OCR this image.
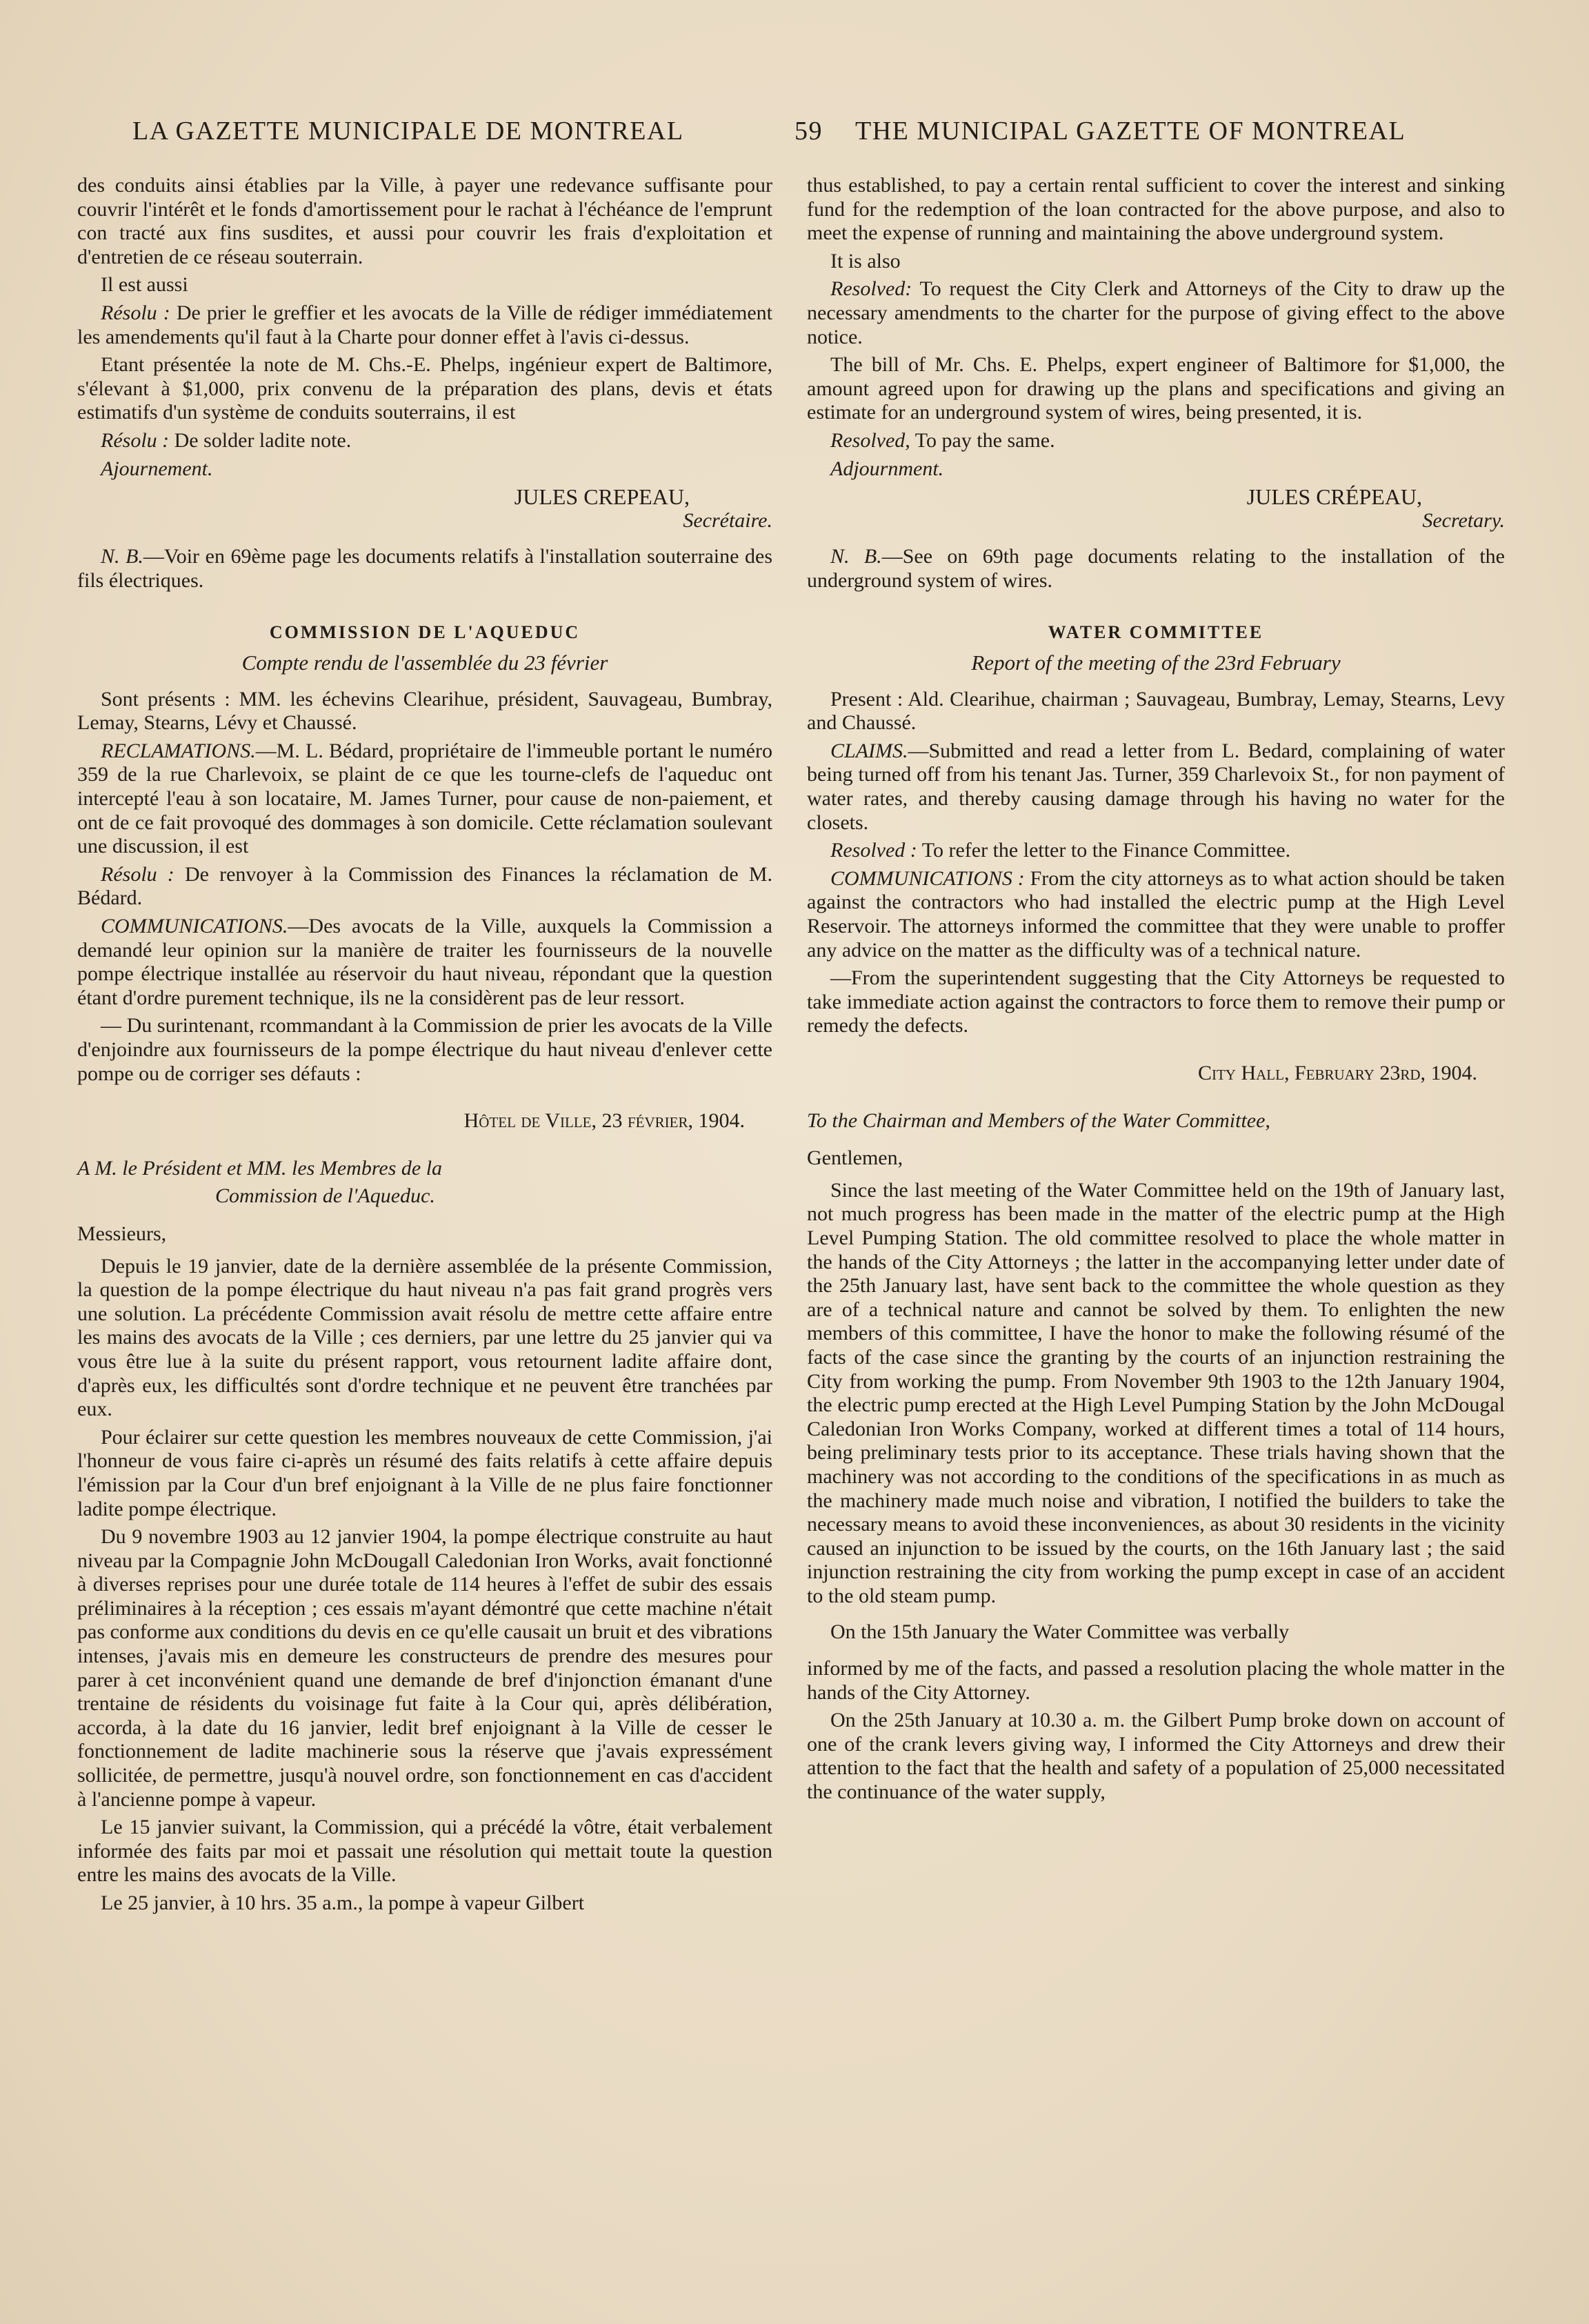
LA GAZETTE MUNICIPALE DE MONTREAL	59 THE MUNICIPAL GAZETTE OF MONTREAL

des conduits ainsi établies par la Ville, à payer une redevance suffisante pour couvrir l'intérêt et le fonds d'amortissement pour le rachat à l'échéance de l'emprunt con tracté aux fins susdites, et aussi pour couvrir les frais d'exploitation et d'entretien de ce réseau souterrain.

Il est aussi

Résolu : De prier le greffier et les avocats de la Ville de rédiger immédiatement les amendements qu'il faut à la Charte pour donner effet à l'avis ci-dessus.

Etant présentée la note de M. Chs.-E. Phelps, ingénieur expert de Baltimore, s'élevant à $1,000, prix convenu de la préparation des plans, devis et états estimatifs d'un système de conduits souterrains, il est

Résolu : De solder ladite note.

Ajournement.

JULES CREPEAU,

Secrétaire.

N. B.—Voir en 69ème page les documents relatifs à l'installation souterraine des fils électriques.

COMMISSION DE L'AQUEDUC

Compte rendu de l'assemblée du 23 février

Sont présents : MM. les échevins Clearihue, président, Sauvageau, Bumbray, Lemay, Stearns, Lévy et Chaussé.

RECLAMATIONS.—M. L. Bédard, propriétaire de l'immeuble portant le numéro 359 de la rue Charlevoix, se plaint de ce que les tourne-clefs de l'aqueduc ont intercepté l'eau à son locataire, M. James Turner, pour cause de non-paiement, et ont de ce fait provoqué des dommages à son domicile. Cette réclamation soulevant une discussion, il est

Résolu : De renvoyer à la Commission des Finances la réclamation de M. Bédard.

COMMUNICATIONS.—Des avocats de la Ville, auxquels la Commission a demandé leur opinion sur la manière de traiter les fournisseurs de la nouvelle pompe électrique installée au réservoir du haut niveau, répondant que la question étant d'ordre purement technique, ils ne la considèrent pas de leur ressort.

— Du surintenant, rcommandant à la Commission de prier les avocats de la Ville d'enjoindre aux fournisseurs de la pompe électrique du haut niveau d'enlever cette pompe ou de corriger ses défauts :

Hôtel de Ville, 23 février, 1904.

A M. le Président et MM. les Membres de la

Commission de l'Aqueduc.

Messieurs,

Depuis le 19 janvier, date de la dernière assemblée de la présente Commission, la question de la pompe électrique du haut niveau n'a pas fait grand progrès vers une solution. La précédente Commission avait résolu de mettre cette affaire entre les mains des avocats de la Ville ; ces derniers, par une lettre du 25 janvier qui va vous être lue à la suite du présent rapport, vous retournent ladite affaire dont, d'après eux, les difficultés sont d'ordre technique et ne peuvent être tranchées par eux.

Pour éclairer sur cette question les membres nouveaux de cette Commission, j'ai l'honneur de vous faire ci-après un résumé des faits relatifs à cette affaire depuis l'émission par la Cour d'un bref enjoignant à la Ville de ne plus faire fonctionner ladite pompe électrique.

Du 9 novembre 1903 au 12 janvier 1904, la pompe électrique construite au haut niveau par la Compagnie John McDougall Caledonian Iron Works, avait fonctionné à diverses reprises pour une durée totale de 114 heures à l'effet de subir des essais préliminaires à la réception ; ces essais m'ayant démontré que cette machine n'était pas conforme aux conditions du devis en ce qu'elle causait un bruit et des vibrations intenses, j'avais mis en demeure les constructeurs de prendre des mesures pour parer à cet inconvénient quand une demande de bref d'injonction émanant d'une trentaine de résidents du voisinage fut faite à la Cour qui, après délibération, accorda, à la date du 16 janvier, ledit bref enjoignant à la Ville de cesser le fonctionnement de ladite machinerie sous la réserve que j'avais expressément sollicitée, de permettre, jusqu'à nouvel ordre, son fonctionnement en cas d'accident à l'ancienne pompe à vapeur.

Le 15 janvier suivant, la Commission, qui a précédé la vôtre, était verbalement informée des faits par moi et passait une résolution qui mettait toute la question entre les mains des avocats de la Ville.

Le 25 janvier, à 10 hrs. 35 a.m., la pompe à vapeur Gilbert

thus established, to pay a certain rental sufficient to cover the interest and sinking fund for the redemption of the loan contracted for the above purpose, and also to meet the expense of running and maintaining the above underground system.

It is also

Resolved: To request the City Clerk and Attorneys of the City to draw up the necessary amendments to the charter for the purpose of giving effect to the above notice.

The bill of Mr. Chs. E. Phelps, expert engineer of Baltimore for $1,000, the amount agreed upon for drawing up the plans and specifications and giving an estimate for an underground system of wires, being presented, it is.

Resolved, To pay the same.

Adjournment.

JULES CRÉPEAU,

Secretary.

N. B.—See on 69th page documents relating to the installation of the underground system of wires.

WATER COMMITTEE

Report of the meeting of the 23rd February

Present : Ald. Clearihue, chairman ; Sauvageau, Bumbray, Lemay, Stearns, Levy and Chaussé.

CLAIMS.—Submitted and read a letter from L. Bedard, complaining of water being turned off from his tenant Jas. Turner, 359 Charlevoix St., for non payment of water rates, and thereby causing damage through his having no water for the closets.

Resolved : To refer the letter to the Finance Committee.

COMMUNICATIONS : From the city attorneys as to what action should be taken against the contractors who had installed the electric pump at the High Level Reservoir. The attorneys informed the committee that they were unable to proffer any advice on the matter as the difficulty was of a technical nature.

—From the superintendent suggesting that the City Attorneys be requested to take immediate action against the contractors to force them to remove their pump or remedy the defects.

City Hall, February 23rd, 1904.

To the Chairman and Members of the Water Committee,

Gentlemen,

Since the last meeting of the Water Committee held on the 19th of January last, not much progress has been made in the matter of the electric pump at the High Level Pumping Station. The old committee resolved to place the whole matter in the hands of the City Attorneys ; the latter in the accompanying letter under date of the 25th January last, have sent back to the committee the whole question as they are of a technical nature and cannot be solved by them. To enlighten the new members of this committee, I have the honor to make the following résumé of the facts of the case since the granting by the courts of an injunction restraining the City from working the pump. From November 9th 1903 to the 12th January 1904, the electric pump erected at the High Level Pumping Station by the John McDougal Caledonian Iron Works Company, worked at different times a total of 114 hours, being preliminary tests prior to its acceptance. These trials having shown that the machinery was not according to the conditions of the specifications in as much as the machinery made much noise and vibration, I notified the builders to take the necessary means to avoid these inconveniences, as about 30 residents in the vicinity caused an injunction to be issued by the courts, on the 16th January last ; the said injunction restraining the city from working the pump except in case of an accident to the old steam pump.

On the 15th January the Water Committee was verbally

informed by me of the facts, and passed a resolution placing the whole matter in the hands of the City Attorney.

On the 25th January at 10.30 a. m. the Gilbert Pump broke down on account of one of the crank levers giving way, I informed the City Attorneys and drew their attention to the fact that the health and safety of a population of 25,000 necessitated the continuance of the water supply,
